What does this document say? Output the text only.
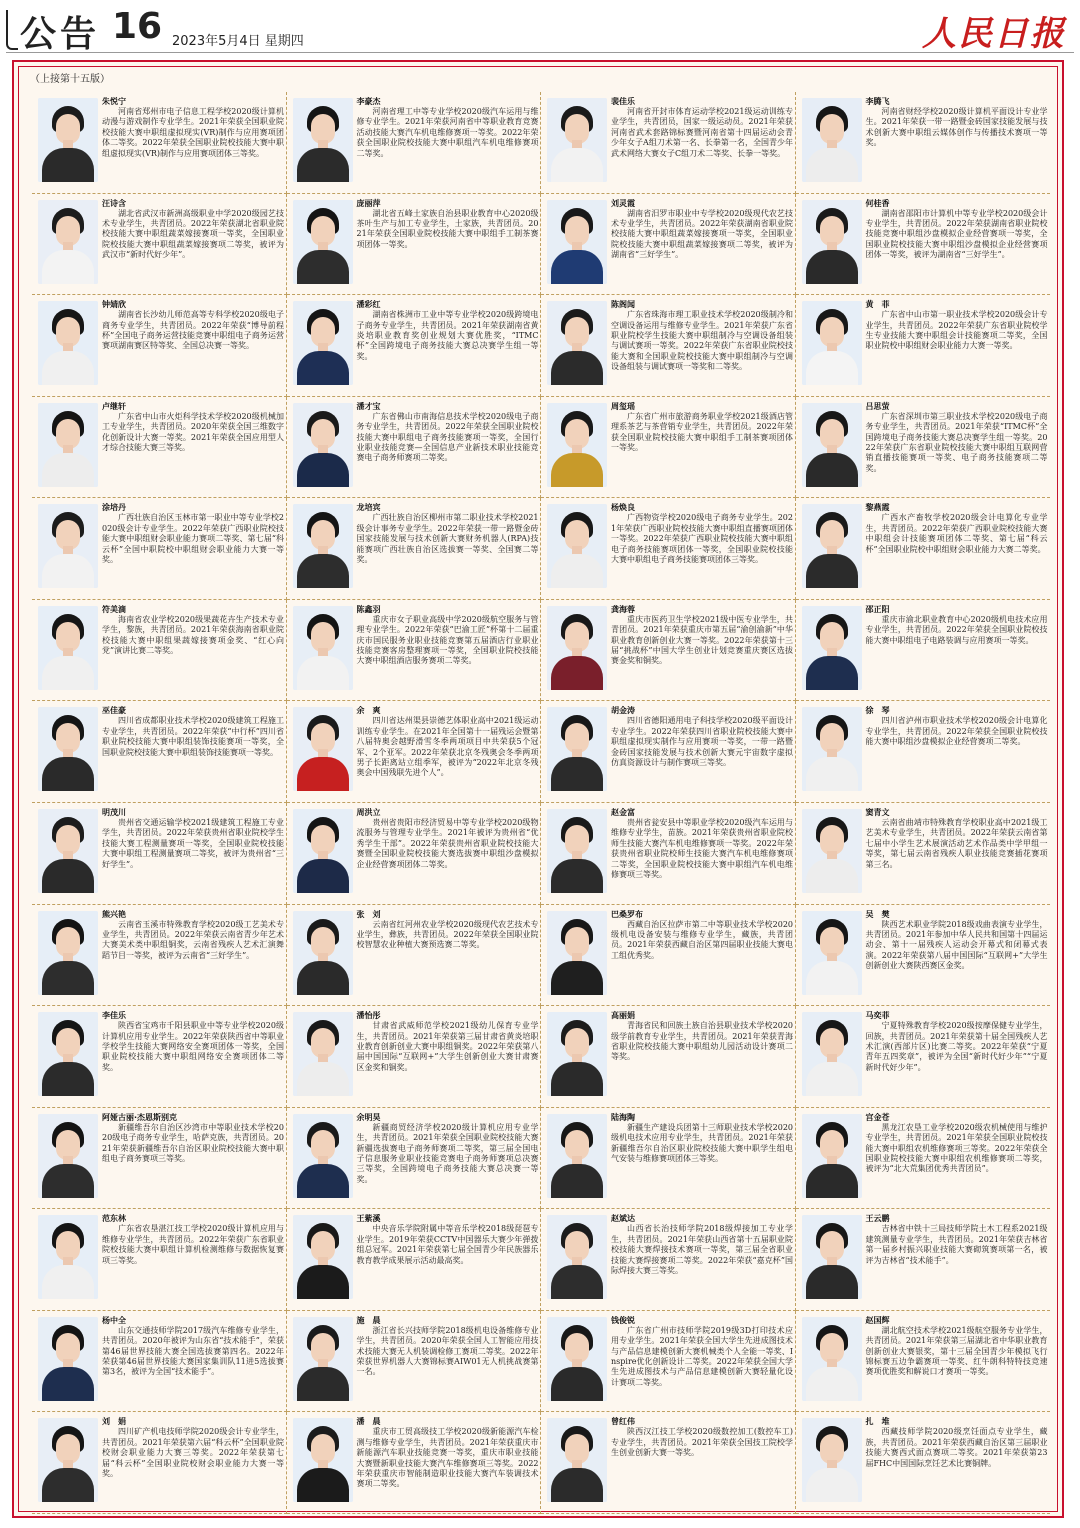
公告 16 2023年5月4日 星期四	人民日报
（上接第十五版）
朱悦宁
河南省郑州市电子信息工程学校2020级计算机动漫与游戏制作专业学生。2021年荣获全国职业院校技能大赛中职组虚拟现实(VR)制作与应用赛项团体二等奖。2022年荣获全国职业院校技能大赛中职组虚拟现实(VR)制作与应用赛项团体三等奖。
李豪杰
河南省理工中等专业学校2020级汽车运用与维修专业学生。2021年荣获河南省中等职业教育竞赛活动技能大赛汽车机电维修赛项一等奖。2022年荣获全国职业院校技能大赛中职组汽车机电维修赛项二等奖。
裴佳乐
河南省开封市体育运动学校2021级运动训练专业学生，共青团员，国家一级运动员。2021年荣获河南省武术套路锦标赛暨河南省第十四届运动会青少年女子A组刀术第一名、长拳第一名，全国青少年武术网络大赛女子C组刀术二等奖、长拳一等奖。
李腾飞
河南省财经学校2020级计算机平面设计专业学生。2021年荣获一带一路暨金砖国家技能发展与技术创新大赛中职组云媒体创作与传播技术赛项一等奖。
汪诗含
湖北省武汉市新洲高级职业中学2020级园艺技术专业学生，共青团员。2022年荣获湖北省职业院校技能大赛中职组蔬菜嫁接赛项一等奖，全国职业院校技能大赛中职组蔬菜嫁接赛项二等奖，被评为武汉市“新时代好少年”。
庞丽萍
湖北省五峰土家族自治县职业教育中心2020级茶叶生产与加工专业学生，土家族，共青团员。2021年荣获全国职业院校技能大赛中职组手工制茶赛项团体一等奖。
刘灵霞
湖南省汨罗市职业中专学校2020级现代农艺技术专业学生，共青团员。2022年荣获湖南省职业院校技能大赛中职组蔬菜嫁接赛项一等奖，全国职业院校技能大赛中职组蔬菜嫁接赛项二等奖，被评为湖南省“三好学生”。
何桂香
湖南省邵阳市计算机中等专业学校2020级会计专业学生，共青团员。2022年荣获湖南省职业院校技能竞赛中职组沙盘模拟企业经营赛项一等奖，全国职业院校技能大赛中职组沙盘模拟企业经营赛项团体一等奖，被评为湖南省“三好学生”。
钟婧欣
湖南省长沙幼儿师范高等专科学校2020级电子商务专业学生，共青团员。2022年荣获“博导前程杯”全国电子商务运营技能竞赛中职组电子商务运营赛项湖南赛区特等奖、全国总决赛一等奖。
潘彩红
湖南省株洲市工业中等专业学校2020级跨境电子商务专业学生，共青团员。2021年荣获湖南省黄炎培职业教育奖创业规划大赛优胜奖，“ITMC杯”全国跨境电子商务技能大赛总决赛学生组一等奖。
陈阁闻
广东省珠海市理工职业技术学校2020级制冷和空调设备运用与维修专业学生。2021年荣获广东省职业院校学生技能大赛中职组制冷与空调设备组装与调试赛项一等奖。2022年荣获广东省职业院校技能大赛和全国职业院校技能大赛中职组制冷与空调设备组装与调试赛项一等奖和二等奖。
黄　菲
广东省中山市第一职业技术学校2020级会计专业学生，共青团员。2022年荣获广东省职业院校学生专业技能大赛中职组会计技能赛项二等奖，全国职业院校中职组财会职业能力大赛一等奖。
卢继轩
广东省中山市火炬科学技术学校2020级机械加工专业学生，共青团员。2020年荣获全国三维数字化创新设计大赛一等奖。2021年荣获全国应用型人才综合技能大赛三等奖。
潘才宝
广东省佛山市南海信息技术学校2020级电子商务专业学生，共青团员。2022年荣获全国职业院校技能大赛中职组电子商务技能赛项一等奖，全国行业职业技能竞赛—全国信息产业新技术职业技能竞赛电子商务师赛项二等奖。
周玺瑶
广东省广州市旅游商务职业学校2021级酒店管理系茶艺与茶营销专业学生，共青团员。2022年荣获全国职业院校技能大赛中职组手工制茶赛项团体一等奖。
吕思萤
广东省深圳市第三职业技术学校2020级电子商务专业学生，共青团员。2021年荣获“ITMC杯”全国跨境电子商务技能大赛总决赛学生组一等奖。2022年荣获广东省职业院校技能大赛中职组互联网营销直播技能赛项一等奖、电子商务技能赛项二等奖。
涂培丹
广西壮族自治区玉林市第一职业中等专业学校2020级会计专业学生。2022年荣获广西职业院校技能大赛中职组财会职业能力赛项二等奖、第七届“科云杯”全国中职院校中职组财会职业能力大赛一等奖。
龙培宾
广西壮族自治区柳州市第二职业技术学校2021级会计事务专业学生。2022年荣获一带一路暨金砖国家技能发展与技术创新大赛财务机器人(RPA)技能赛项广西壮族自治区选拔赛一等奖、全国赛二等奖。
杨焕良
广西物资学校2020级电子商务专业学生。2021年荣获广西职业院校技能大赛中职组直播赛项团体一等奖。2022年荣获广西职业院校技能大赛中职组电子商务技能赛项团体一等奖，全国职业院校技能大赛中职组电子商务技能赛项团体三等奖。
黎燕霞
广西水产畜牧学校2020级会计电算化专业学生，共青团员。2022年荣获广西职业院校技能大赛中职组会计技能赛项团体二等奖、第七届“科云杯”全国职业院校中职组财会职业能力大赛二等奖。
符美滴
海南省农业学校2020级果蔬花卉生产技术专业学生，黎族，共青团员。2021年荣获海南省职业院校技能大赛中职组果蔬嫁接赛项金奖、“红心向党”演讲比赛二等奖。
陈鑫羽
重庆市女子职业高级中学2020级航空服务与管理专业学生。2022年荣获“巴渝工匠”杯第十二届重庆市国民服务业职业技能竞赛第五届酒店行业职业技能竞赛客房整理赛项一等奖，全国职业院校技能大赛中职组酒店服务赛项二等奖。
龚海蓉
重庆市医药卫生学校2021级中医专业学生，共青团员。2021年荣获重庆市第五届“渝创渝新”中华职业教育创新创业大赛一等奖。2022年荣获第十三届“挑战杯”中国大学生创业计划竞赛重庆赛区选拔赛金奖和铜奖。
邵正阳
重庆市渝北职业教育中心2020级机电技术应用专业学生，共青团员。2022年荣获全国职业院校技能大赛中职组电子电路装调与应用赛项一等奖。
巫佳豪
四川省成都职业技术学校2020级建筑工程施工专业学生，共青团员。2022年荣获“中行杯”四川省职业院校技能大赛中职组装饰技能赛项一等奖，全国职业院校技能大赛中职组装饰技能赛项一等奖。
余　爽
四川省达州渠县崇德艺体职业高中2021级运动训练专业学生。在2021年全国第十一届残运会暨第八届特奥会越野滑雪冬季两项项目中共荣获5个冠军、2个亚军。2022年荣获北京冬残奥会冬季两项男子长距离站立组季军，被评为“2022年北京冬残奥会中国残联先进个人”。
胡金涛
四川省德阳通用电子科技学校2020级平面设计专业学生。2022年荣获四川省职业院校技能大赛中职组虚拟现实制作与应用赛项一等奖，一带一路暨金砖国家技能发展与技术创新大赛元宇宙数字虚拟仿真资源设计与制作赛项三等奖。
徐　琴
四川省泸州市职业技术学校2020级会计电算化专业学生，共青团员。2022年荣获全国职业院校技能大赛中职组沙盘模拟企业经营赛项二等奖。
明茂川
贵州省交通运输学校2021级建筑工程施工专业学生，共青团员。2022年荣获贵州省职业院校学生技能大赛工程测量赛项一等奖，全国职业院校技能大赛中职组工程测量赛项二等奖，被评为贵州省“三好学生”。
周洪立
贵州省贵阳市经济贸易中等专业学校2020级物流服务与管理专业学生。2021年被评为贵州省“优秀学生干部”。2022年荣获贵州省职业院校技能大赛暨全国职业院校技能大赛选拔赛中职组沙盘模拟企业经营赛项团体二等奖。
赵金富
贵州省瓮安县中等职业学校2020级汽车运用与维修专业学生，苗族。2021年荣获贵州省职业院校师生技能大赛汽车机电维修赛项一等奖。2022年荣获贵州省职业院校师生技能大赛汽车机电维修赛项二等奖，全国职业院校技能大赛中职组汽车机电维修赛项三等奖。
窦青文
云南省曲靖市特殊教育学校职业高中2021级工艺美术专业学生，共青团员。2022年荣获云南省第七届中小学生艺术展演活动艺术作品类中学甲组一等奖，第七届云南省残疾人职业技能竞赛插花赛项第三名。
熊兴艳
云南省玉溪市特殊教育学校2020级工艺美术专业学生，共青团员。2022年荣获云南省青少年艺术大赛美术类中职组铜奖，云南省残疾人艺术汇演舞蹈节目一等奖，被评为云南省“三好学生”。
张　刘
云南省红河州农业学校2020级现代农艺技术专业学生，彝族，共青团员。2022年荣获全国职业院校智慧农业种植大赛预选赛二等奖。
巴桑罗布
西藏自治区拉萨市第二中等职业技术学校2020级机电设备安装与维修专业学生，藏族，共青团员。2021年荣获西藏自治区第四届职业技能大赛电工组优秀奖。
吴　樊
陕西艺术职业学院2018级戏曲表演专业学生，共青团员。2021年参加中华人民共和国第十四届运动会、第十一届残疾人运动会开幕式和闭幕式表演。2022年荣获第八届中国国际“互联网+”大学生创新创业大赛陕西赛区金奖。
李佳乐
陕西省宝鸡市千阳县职业中等专业学校2020级计算机应用专业学生。2022年荣获陕西省中等职业学校学生技能大赛网络安全赛项团体一等奖，全国职业院校技能大赛中职组网络安全赛项团体二等奖。
潘怡彤
甘肃省武威师范学校2021级幼儿保育专业学生，共青团员。2021年荣获第三届甘肃省黄炎培职业教育创新创业大赛中职组铜奖。2022年荣获第八届中国国际“互联网+”大学生创新创业大赛甘肃赛区金奖和铜奖。
高丽娟
青海省民和回族土族自治县职业技术学校2020级学前教育专业学生，共青团员。2021年荣获青海省职业院校技能大赛中职组幼儿园活动设计赛项二等奖。
马奕菲
宁夏特殊教育学校2020级按摩保健专业学生，回族，共青团员。2021年荣获第十届全国残疾人艺术汇演(西部片区)比赛二等奖。2022年荣获“宁夏青年五四奖章”，被评为全国“新时代好少年”“宁夏新时代好少年”。
阿娅古丽·杰恩斯别克
新疆维吾尔自治区沙湾市中等职业技术学校2020级电子商务专业学生，哈萨克族，共青团员。2021年荣获新疆维吾尔自治区职业院校技能大赛中职组电子商务赛项三等奖。
余明昊
新疆商贸经济学校2020级计算机应用专业学生，共青团员。2021年荣获全国职业院校技能大赛新疆选拔赛电子商务师赛项二等奖，第三届全国电子信息服务业职业技能竞赛电子商务师赛项总决赛三等奖，全国跨境电子商务技能大赛总决赛一等奖。
陆海陶
新疆生产建设兵团第十三师职业技术学校2020级机电技术应用专业学生，共青团员。2021年荣获新疆维吾尔自治区职业院校技能大赛中职学生组电气安装与维修赛项团体三等奖。
宫金苍
黑龙江农垦工业学校2020级农机械使用与维护专业学生，共青团员。2021年荣获全国职业院校技能大赛中职组农机维修赛项三等奖。2022年荣获全国职业院校技能大赛中职组农机维修赛项二等奖，被评为“北大荒集团优秀共青团员”。
范东林
广东省农垦湛江技工学校2020级计算机应用与维修专业学生，共青团员。2022年荣获广东省职业院校技能大赛中职组计算机检测维修与数据恢复赛项三等奖。
王紫溪
中央音乐学院附属中等音乐学校2018级琵琶专业学生。2019年荣获CCTV中国器乐大赛少年弹拨组总冠军。2021年荣获第七届全国青少年民族器乐教育教学成果展示活动最高奖。
赵斌达
山西省长治技师学院2018级焊接加工专业学生，共青团员。2021年荣获山西省第十五届职业院校技能大赛焊接技术赛项一等奖，第三届全省职业技能大赛焊接赛项二等奖。2022年荣获“嘉克杯”国际焊接大赛三等奖。
王云鹏
吉林省中铁十三局技师学院土木工程系2021级建筑测量专业学生，共青团员。2021年荣获吉林省第一届乡村振兴职业技能大赛砌筑赛项第一名，被评为吉林省“技术能手”。
杨中全
山东交通技师学院2017级汽车维修专业学生，共青团员。2020年被评为山东省“技术能手”，荣获第46届世界技能大赛全国选拔赛第四名。2022年荣获第46届世界技能大赛国家集训队11进5选拔赛第3名，被评为全国“技术能手”。
施　晨
浙江省长兴技师学院2018级机电设备维修专业学生，共青团员。2020年荣获全国人工智能应用技术技能大赛无人机装调检修工赛项二等奖。2022年荣获世界机器人大赛锦标赛AIW01无人机挑战赛第一名。
钱俊锐
广东省广州市技师学院2019级3D打印技术应用专业学生。2021年荣获全国大学生先进成图技术与产品信息建模创新大赛机械类个人全能一等奖、Inspire优化创新设计二等奖。2022年荣获全国大学生先进成图技术与产品信息建模创新大赛轻量化设计赛项二等奖。
赵国辉
湖北航空技术学校2021级航空服务专业学生，共青团员。2021年荣获第三届湖北省中华职业教育创新创业大赛银奖，第十三届全国青少年模拟飞行锦标赛五边争霸赛项一等奖、红牛朗科特特技竞速赛项优胜奖和解说口才赛项一等奖。
刘　娟
四川矿产机电技师学院2020级会计专业学生，共青团员。2021年荣获第六届“科云杯”全国职业院校财会职业能力大赛三等奖。2022年荣获第七届“科云杯”全国职业院校财会职业能力大赛一等奖。
潘　晨
重庆市工贸高级技工学校2020级新能源汽车检测与维修专业学生，共青团员。2021年荣获重庆市新能源汽车职业技能竞赛一等奖，重庆市职业技能大赛暨新职业技能大赛汽车维修赛项三等奖。2022年荣获重庆市智能制造职业技能大赛汽车装调技术赛项二等奖。
曾红伟
陕西汉江技工学校2020级数控加工(数控车工)专业学生，共青团员。2021年荣获全国技工院校学生创业创新大赛一等奖。
扎　堆
西藏技师学院2020级烹饪面点专业学生，藏族，共青团员。2021年荣获西藏自治区第三届职业技能大赛西式面点赛项二等奖。2021年荣获第23届FHC中国国际烹饪艺术比赛铜牌。
